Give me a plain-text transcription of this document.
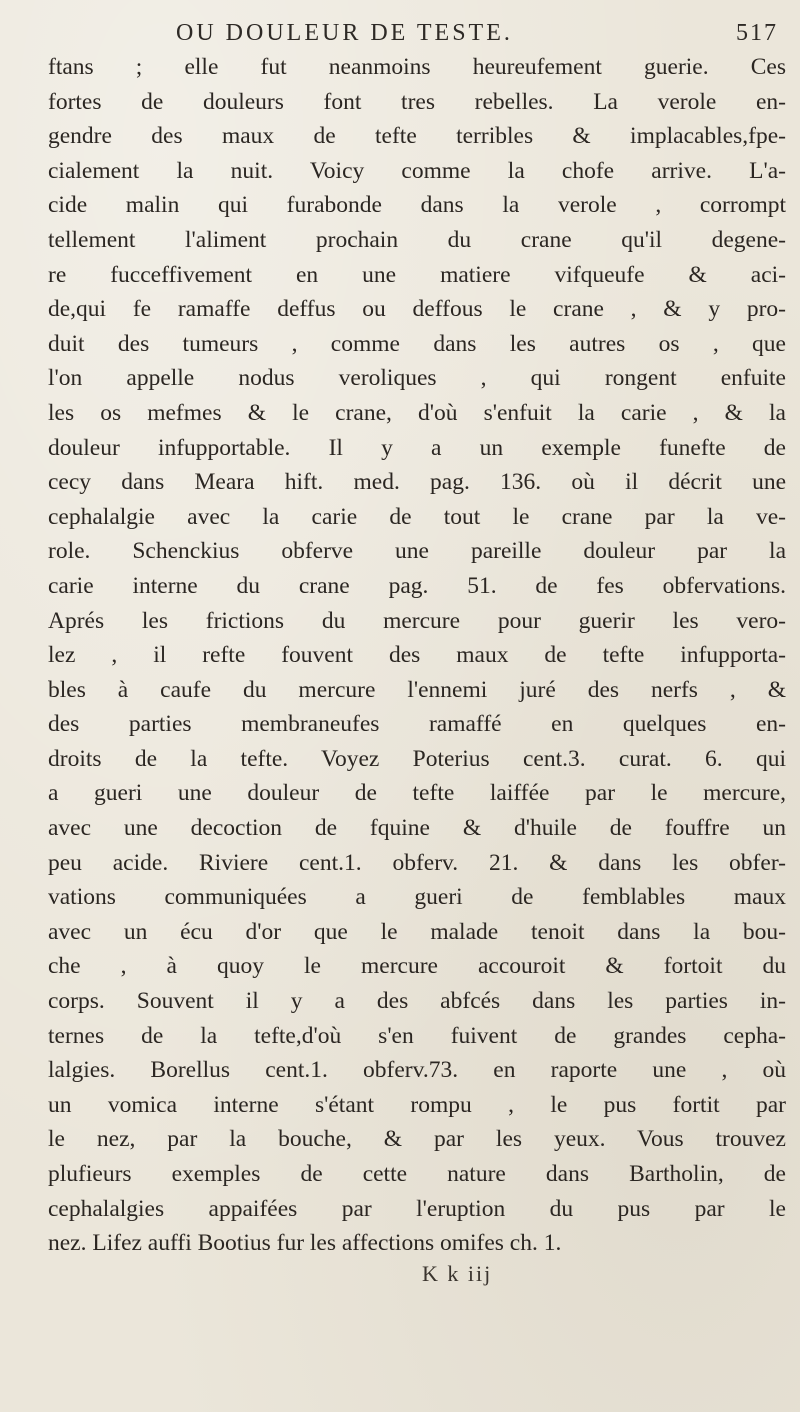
OU DOULEUR DE TESTE.	517
ftans ; elle fut neanmoins heureufement guerie. Ces
fortes de douleurs font tres rebelles. La verole en-
gendre des maux de tefte terribles & implacables,fpe-
cialement la nuit. Voicy comme la chofe arrive. L'a-
cide malin qui furabonde dans la verole , corrompt
tellement l'aliment prochain du crane qu'il degene-
re fucceffivement en une matiere vifqueufe & aci-
de,qui fe ramaffe deffus ou deffous le crane , & y pro-
duit des tumeurs , comme dans les autres os , que
l'on appelle nodus veroliques , qui rongent enfuite
les os mefmes & le crane, d'où s'enfuit la carie , & la
douleur infupportable. Il y a un exemple funefte de
cecy dans Meara hift. med. pag. 136. où il décrit une
cephalalgie avec la carie de tout le crane par la ve-
role. Schenckius obferve une pareille douleur par la
carie interne du crane pag. 51. de fes obfervations.
Aprés les frictions du mercure pour guerir les vero-
lez , il refte fouvent des maux de tefte infupporta-
bles à caufe du mercure l'ennemi juré des nerfs , &
des parties membraneufes ramaffé en quelques en-
droits de la tefte. Voyez Poterius cent.3. curat. 6. qui
a gueri une douleur de tefte laiffée par le mercure,
avec une decoction de fquine & d'huile de fouffre un
peu acide. Riviere cent.1. obferv. 21. & dans les obfer-
vations communiquées a gueri de femblables maux
avec un écu d'or que le malade tenoit dans la bou-
che , à quoy le mercure accouroit & fortoit du
corps. Souvent il y a des abfcés dans les parties in-
ternes de la tefte,d'où s'en fuivent de grandes cepha-
lalgies. Borellus cent.1. obferv.73. en raporte une , où
un vomica interne s'étant rompu , le pus fortit par
le nez, par la bouche, & par les yeux. Vous trouvez
plufieurs exemples de cette nature dans Bartholin, de
cephalalgies appaifées par l'eruption du pus par le
nez. Lifez auffi Bootius fur les affections omifes ch. 1.
K k iij
